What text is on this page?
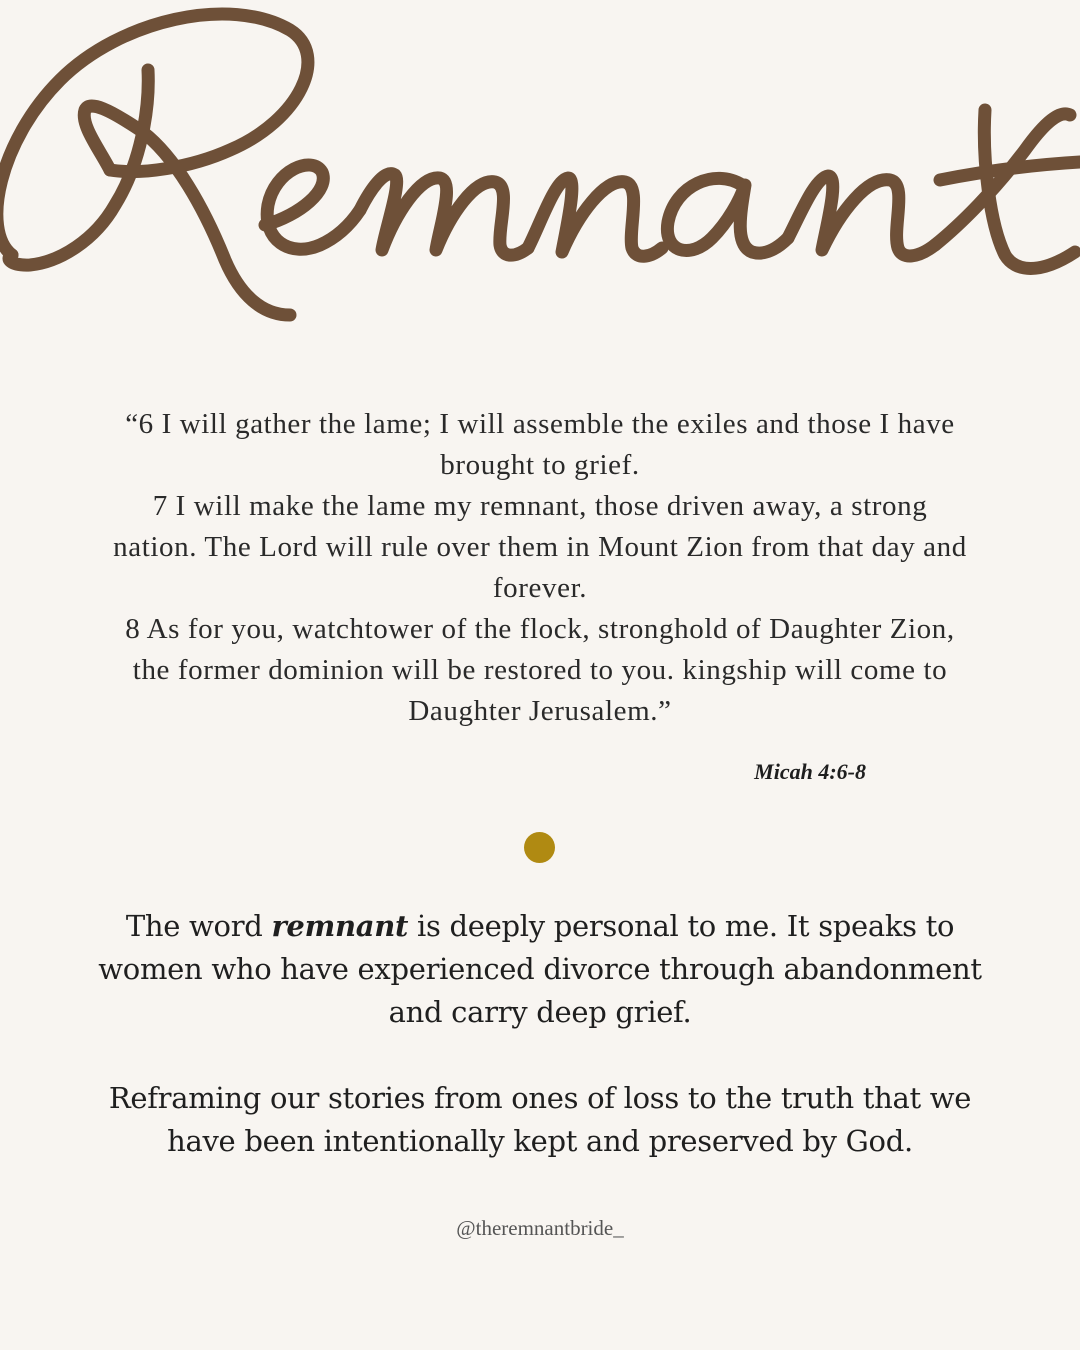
“6 I will gather the lame; I will assemble the exiles and those I have brought to grief.

7 I will make the lame my remnant, those driven away, a strong nation. The Lord will rule over them in Mount Zion from that day and forever.

8 As for you, watchtower of the flock, stronghold of Daughter Zion, the former dominion will be restored to you. kingship will come to Daughter Jerusalem.”

Micah 4:6-8

The word remnant is deeply personal to me. It speaks to women who have experienced divorce through abandonment and carry deep grief.

Reframing our stories from ones of loss to the truth that we have been intentionally kept and preserved by God.

@theremnantbride_
